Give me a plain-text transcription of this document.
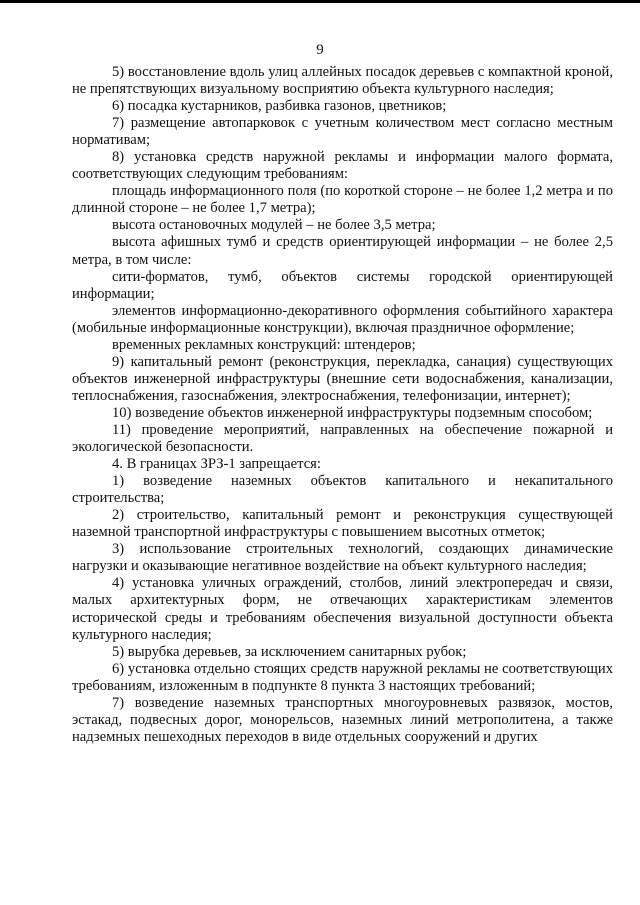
9

5) восстановление вдоль улиц аллейных посадок деревьев с компактной кроной, не препятствующих визуальному восприятию объекта культурного наследия;

6) посадка кустарников, разбивка газонов, цветников;

7) размещение автопарковок с учетным количеством мест согласно местным нормативам;

8) установка средств наружной рекламы и информации малого формата, соответствующих следующим требованиям:

площадь информационного поля (по короткой стороне – не более 1,2 метра и по длинной стороне – не более 1,7 метра);

высота остановочных модулей – не более 3,5 метра;

высота афишных тумб и средств ориентирующей информации – не более 2,5 метра, в том числе:

сити-форматов, тумб, объектов системы городской ориентирующей информации;

элементов информационно-декоративного оформления событийного характера (мобильные информационные конструкции), включая праздничное оформление;

временных рекламных конструкций: штендеров;

9) капитальный ремонт (реконструкция, перекладка, санация) существующих объектов инженерной инфраструктуры (внешние сети водоснабжения, канализации, теплоснабжения, газоснабжения, электроснабжения, телефонизации, интернет);

10) возведение объектов инженерной инфраструктуры подземным способом;

11) проведение мероприятий, направленных на обеспечение пожарной и экологической безопасности.

4. В границах ЗРЗ-1 запрещается:

1) возведение наземных объектов капитального и некапитального строительства;

2) строительство, капитальный ремонт и реконструкция существующей наземной транспортной инфраструктуры с повышением высотных отметок;

3) использование строительных технологий, создающих динамические нагрузки и оказывающие негативное воздействие на объект культурного наследия;

4) установка уличных ограждений, столбов, линий электропередач и связи, малых архитектурных форм, не отвечающих характеристикам элементов исторической среды и требованиям обеспечения визуальной доступности объекта культурного наследия;

5) вырубка деревьев, за исключением санитарных рубок;

6) установка отдельно стоящих средств наружной рекламы не соответствующих требованиям, изложенным в подпункте 8 пункта 3 настоящих требований;

7) возведение наземных транспортных многоуровневых развязок, мостов, эстакад, подвесных дорог, монорельсов, наземных линий метрополитена, а также надземных пешеходных переходов в виде отдельных сооружений и других
